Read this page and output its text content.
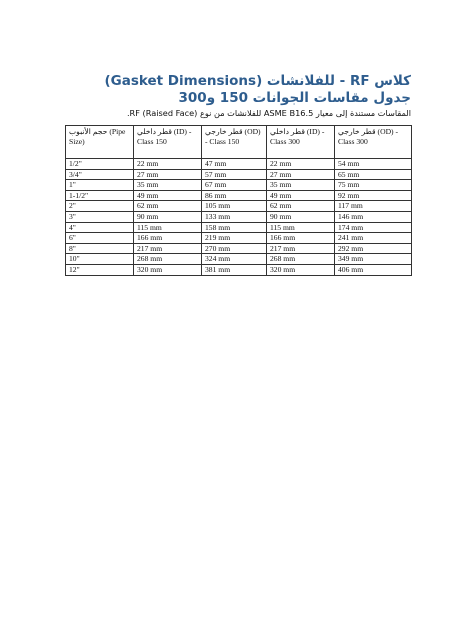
كلاس RF - للفلانشات (Gasket Dimensions) جدول مقاسات الجوانات 150 و300

المقاسات مستندة إلى معيار ASME B16.5 للفلانشات من نوع RF (Raised Face).

حجم الأنبوب (Pipe Size)	قطر داخلي (ID) - Class 150	قطر خارجي (OD) - Class 150	قطر داخلي (ID) - Class 300	قطر خارجي (OD) - Class 300
1/2"	22 mm	47 mm	22 mm	54 mm
3/4"	27 mm	57 mm	27 mm	65 mm
1"	35 mm	67 mm	35 mm	75 mm
1-1/2"	49 mm	86 mm	49 mm	92 mm
2"	62 mm	105 mm	62 mm	117 mm
3"	90 mm	133 mm	90 mm	146 mm
4"	115 mm	158 mm	115 mm	174 mm
6"	166 mm	219 mm	166 mm	241 mm
8"	217 mm	270 mm	217 mm	292 mm
10"	268 mm	324 mm	268 mm	349 mm
12"	320 mm	381 mm	320 mm	406 mm
